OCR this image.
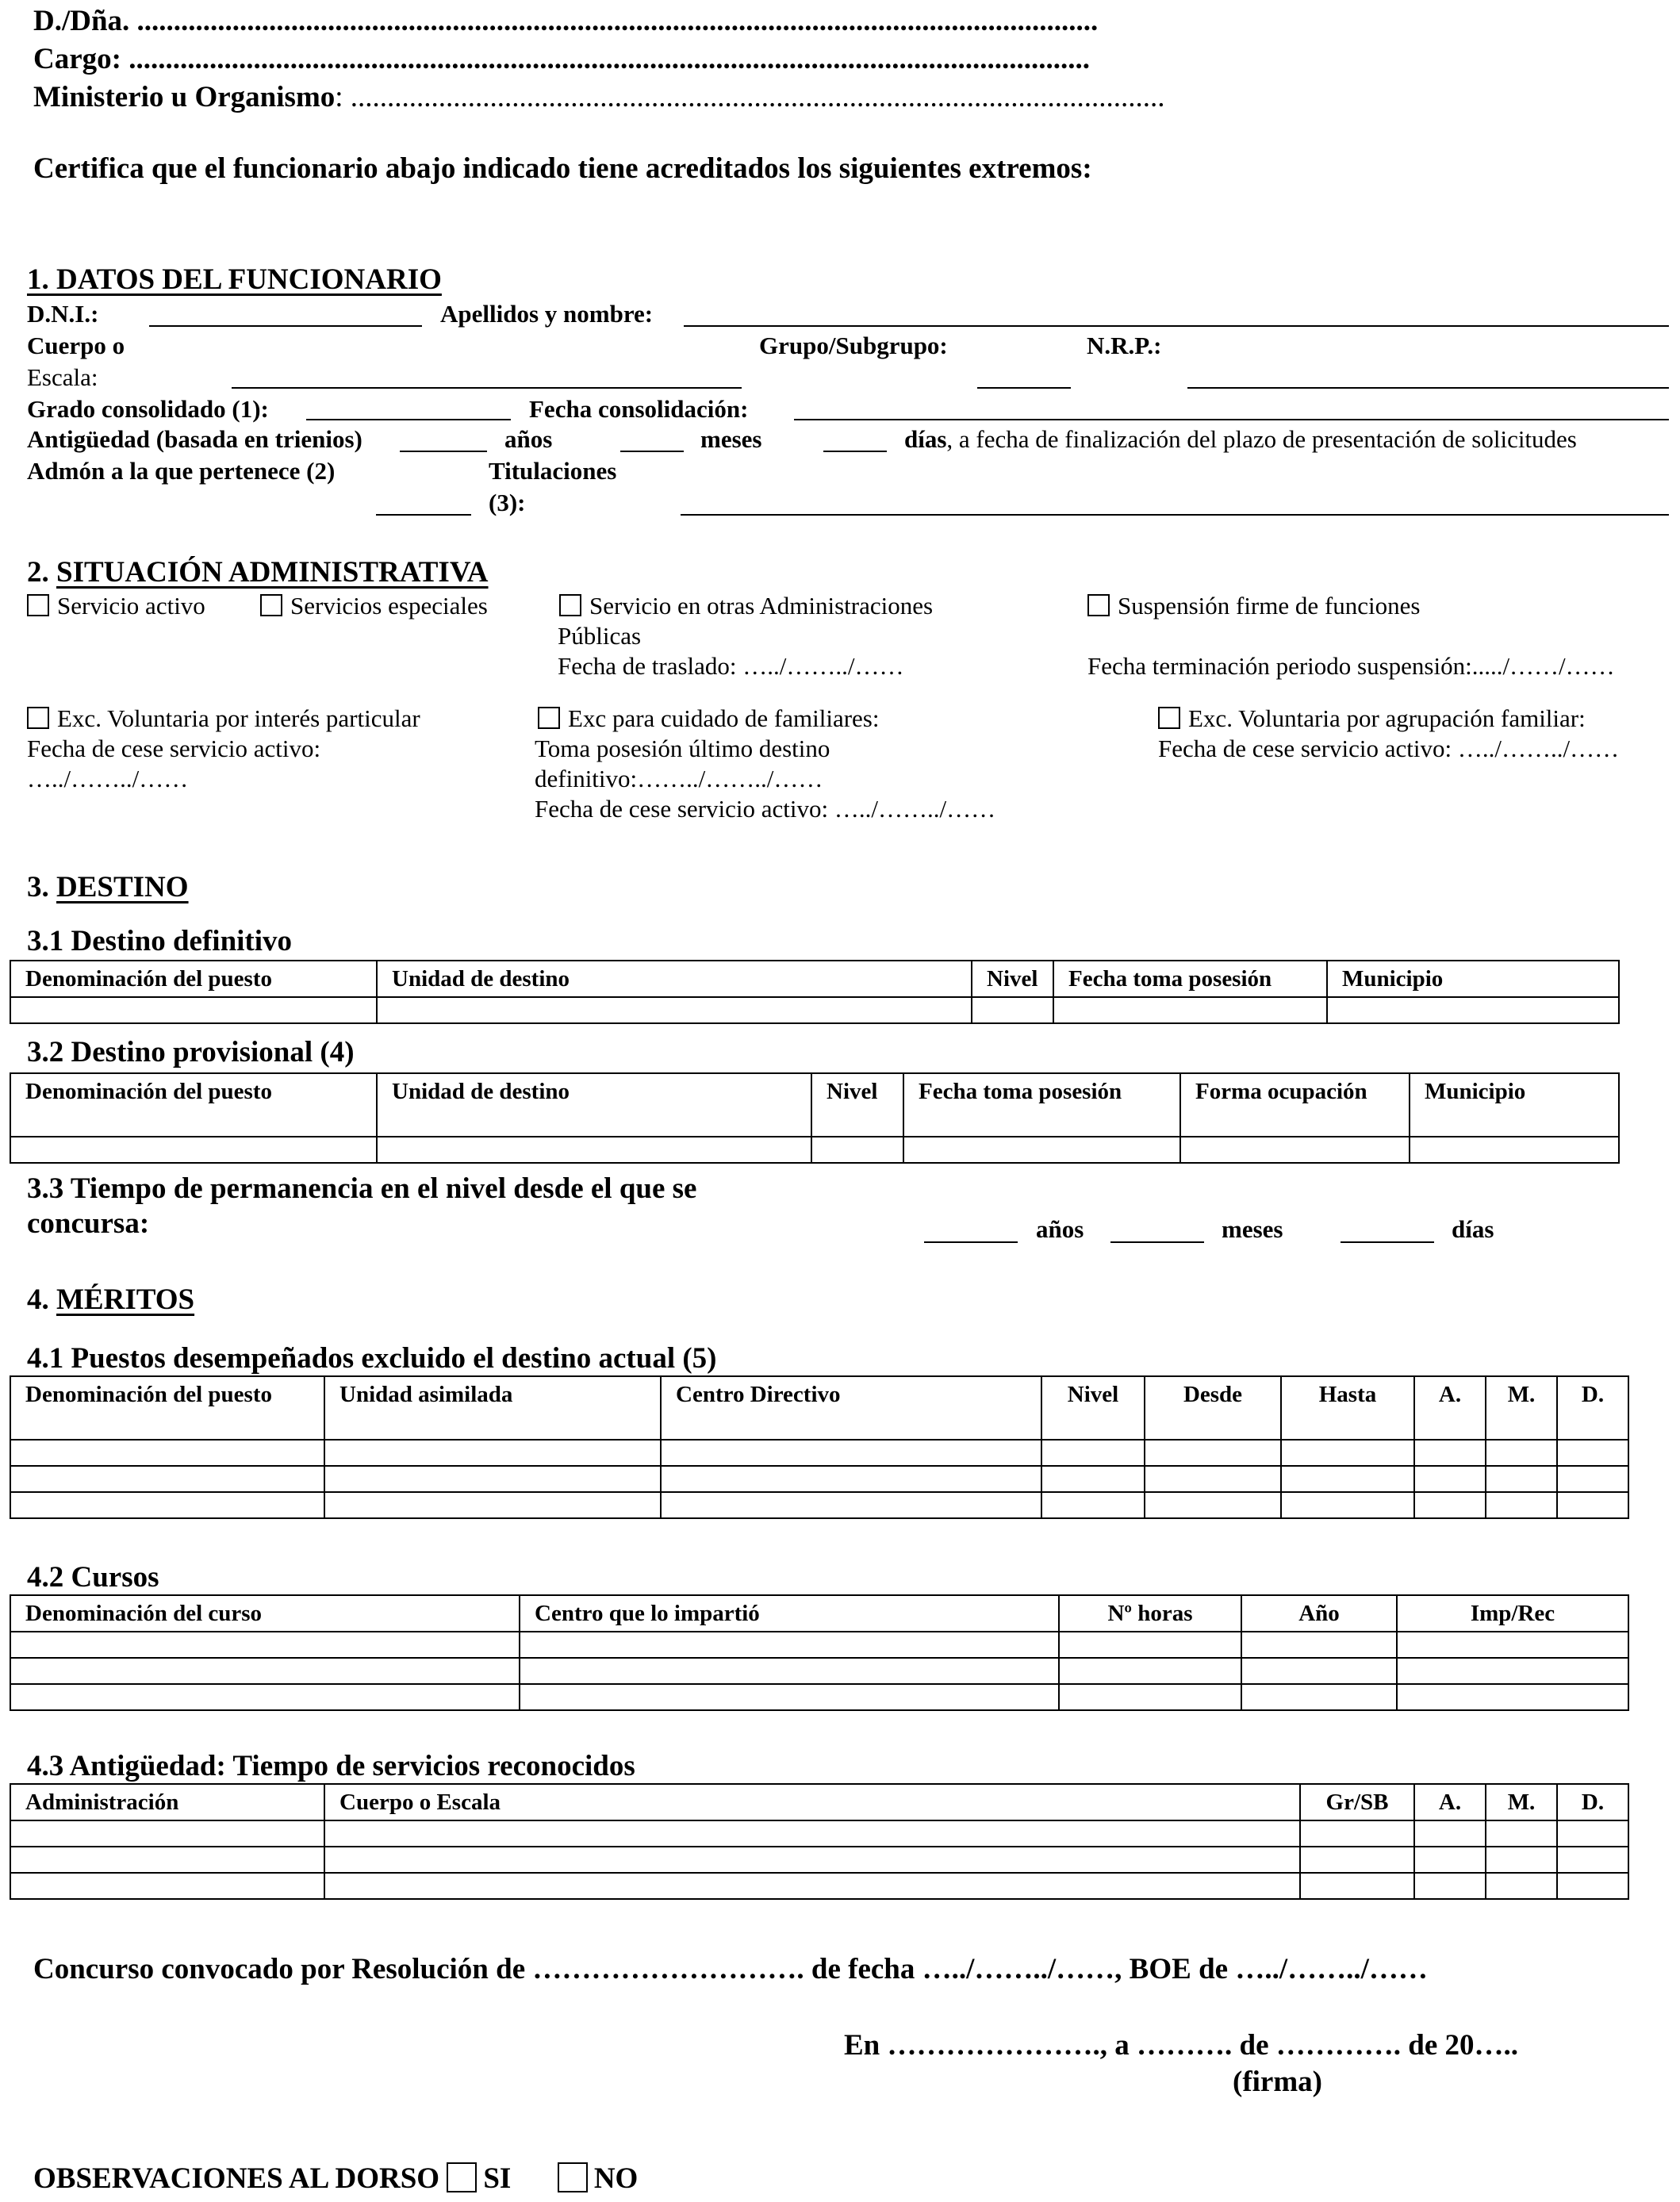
D./Dña. ...................................................................................................................................
Cargo: ...................................................................................................................................
Ministerio u Organismo: ...............................................................................................................
Certifica que el funcionario abajo indicado tiene acreditados los siguientes extremos:
1. DATOS DEL FUNCIONARIO
D.N.I.:	Apellidos y nombre:
Cuerpo o	Grupo/Subgrupo:	N.R.P.:
Escala:
Grado consolidado (1):	Fecha consolidación:
Antigüedad (basada en trienios)	años	meses	días, a fecha de finalización del plazo de presentación de solicitudes
Admón a la que pertenece (2)	Titulaciones
(3):
2. SITUACIÓN ADMINISTRATIVA
Servicio activo	Servicios especiales	Servicio en otras Administraciones
Públicas
Fecha de traslado: …../……../……
Suspensión firme de funciones
Fecha terminación periodo suspensión:...../……/……
Exc. Voluntaria por interés particular
Fecha de cese servicio activo:
…../……../……
Exc para cuidado de familiares:
Toma posesión último destino
definitivo:……../……../……
Fecha de cese servicio activo: …../……../……
Exc. Voluntaria por agrupación familiar:
Fecha de cese servicio activo: …../……../……
3. DESTINO
3.1 Destino definitivo
Denominación del puesto	Unidad de destino	Nivel	Fecha toma posesión	Municipio

3.2 Destino provisional (4)
Denominación del puesto	Unidad de destino	Nivel	Fecha toma posesión	Forma ocupación	Municipio

3.3 Tiempo de permanencia en el nivel desde el que se
concursa:	años	meses	días
4. MÉRITOS
4.1 Puestos desempeñados excluido el destino actual (5)
Denominación del puesto	Unidad asimilada	Centro Directivo	Nivel	Desde	Hasta	A.	M.	D.

4.2 Cursos
Denominación del curso	Centro que lo impartió	Nº horas	Año	Imp/Rec

4.3 Antigüedad: Tiempo de servicios reconocidos
Administración	Cuerpo o Escala	Gr/SB	A.	M.	D.

Concurso convocado por Resolución de ………………………. de fecha …../……../……, BOE de …../……../……
En …………………., a ………. de …………. de 20…..
(firma)
OBSERVACIONES AL DORSO SI	NO
